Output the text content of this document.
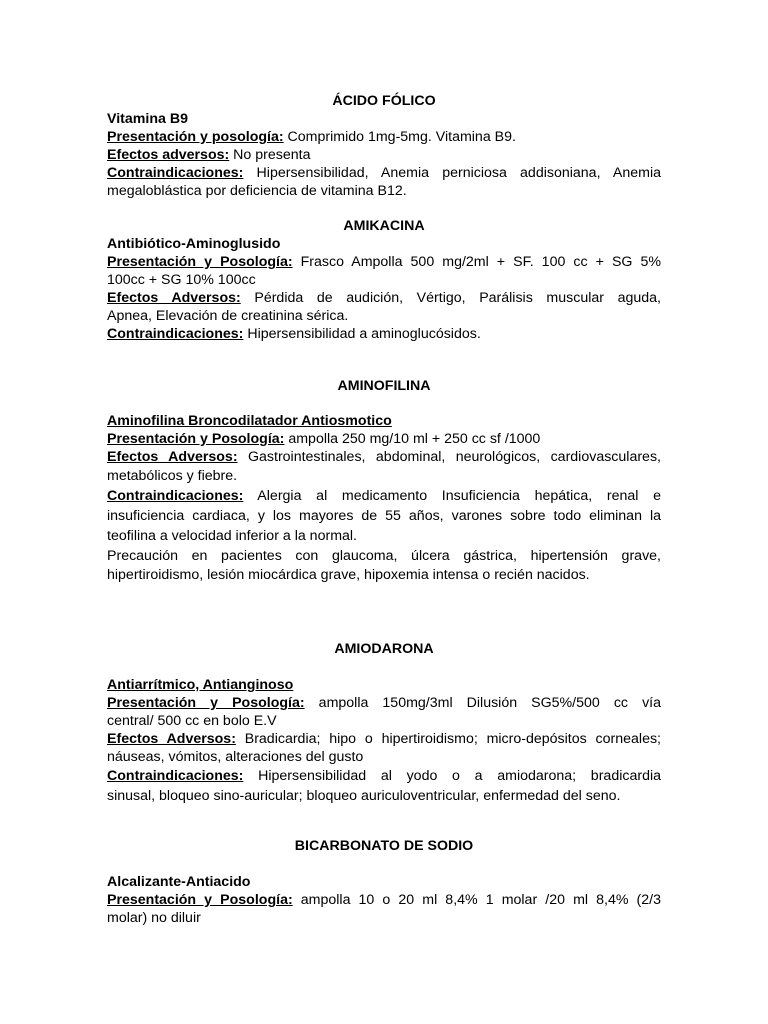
ÁCIDO FÓLICO
Vitamina B9
Presentación y posología: Comprimido 1mg-5mg. Vitamina B9.
Efectos adversos: No presenta
Contraindicaciones: Hipersensibilidad, Anemia perniciosa addisoniana, Anemia
megaloblástica por deficiencia de vitamina B12.
AMIKACINA
Antibiótico-Aminoglusido
Presentación y Posología: Frasco Ampolla 500 mg/2ml + SF. 100 cc + SG 5%
100cc + SG 10% 100cc
Efectos Adversos: Pérdida de audición, Vértigo, Parálisis muscular aguda,
Apnea, Elevación de creatinina sérica.
Contraindicaciones: Hipersensibilidad a aminoglucósidos.
AMINOFILINA
Aminofilina Broncodilatador Antiosmotico
Presentación y Posología: ampolla 250 mg/10 ml + 250 cc sf /1000
Efectos Adversos: Gastrointestinales, abdominal, neurológicos, cardiovasculares,
metabólicos y fiebre.
Contraindicaciones: Alergia al medicamento Insuficiencia hepática, renal e
insuficiencia cardiaca, y los mayores de 55 años, varones sobre todo eliminan la
teofilina a velocidad inferior a la normal.
Precaución en pacientes con glaucoma, úlcera gástrica, hipertensión grave,
hipertiroidismo, lesión miocárdica grave, hipoxemia intensa o recién nacidos.
AMIODARONA
Antiarrítmico, Antianginoso
Presentación y Posología: ampolla 150mg/3ml Dilusión SG5%/500 cc vía
central/ 500 cc en bolo E.V
Efectos Adversos: Bradicardia; hipo o hipertiroidismo; micro-depósitos corneales;
náuseas, vómitos, alteraciones del gusto
Contraindicaciones: Hipersensibilidad al yodo o a amiodarona; bradicardia
sinusal, bloqueo sino-auricular; bloqueo auriculoventricular, enfermedad del seno.
BICARBONATO DE SODIO
Alcalizante-Antiacido
Presentación y Posología: ampolla 10 o 20 ml 8,4% 1 molar /20 ml 8,4% (2/3
molar) no diluir
